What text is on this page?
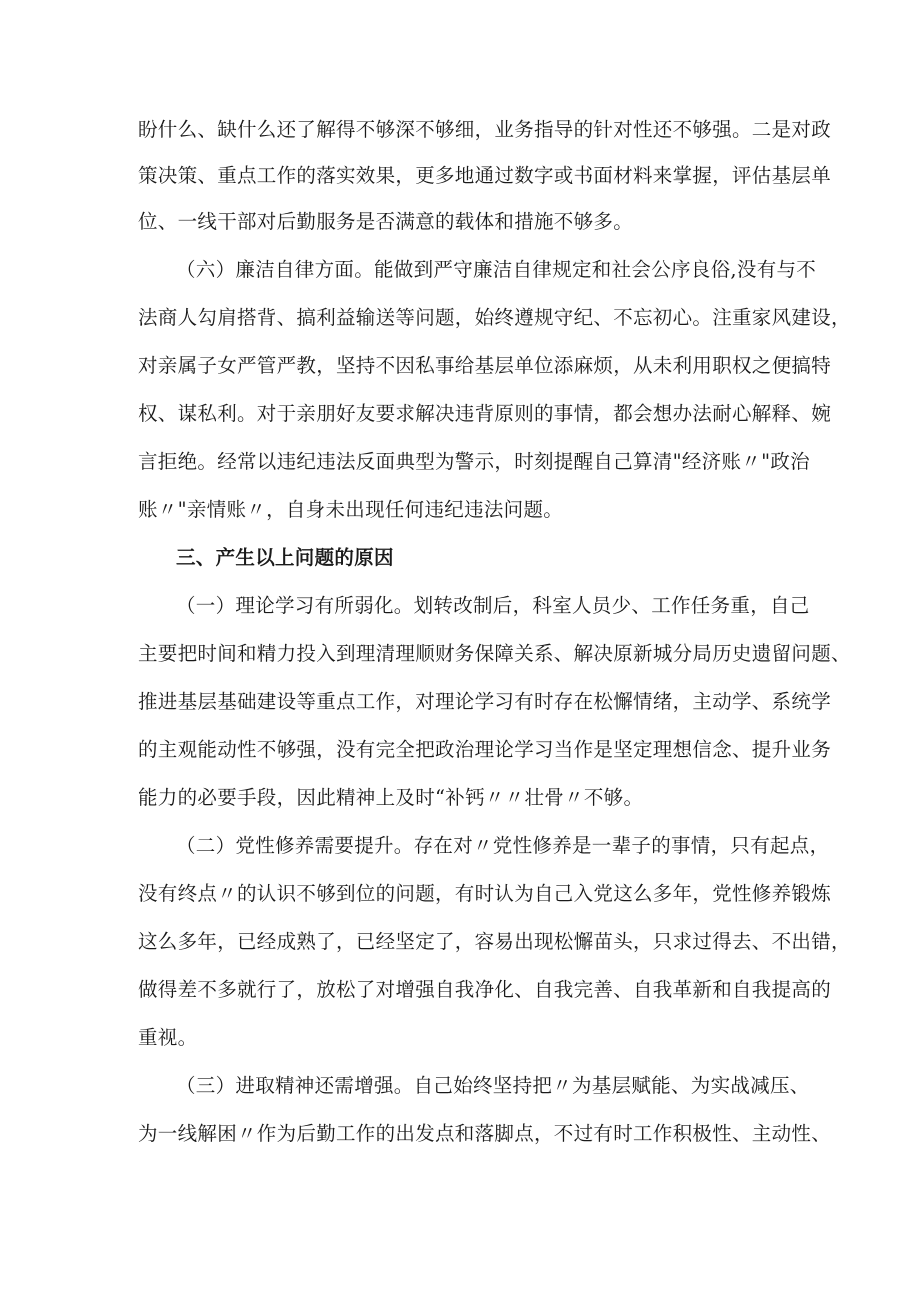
盼什么、缺什么还了解得不够深不够细，业务指导的针对性还不够强。二是对政
策决策、重点工作的落实效果，更多地通过数字或书面材料来掌握，评估基层单
位、一线干部对后勤服务是否满意的载体和措施不够多。
（六）廉洁自律方面。能做到严守廉洁自律规定和社会公序良俗,没有与不
法商人勾肩搭背、搞利益输送等问题，始终遵规守纪、不忘初心。注重家风建设，
对亲属子女严管严教，坚持不因私事给基层单位添麻烦，从未利用职权之便搞特
权、谋私利。对于亲朋好友要求解决违背原则的事情，都会想办法耐心解释、婉
言拒绝。经常以违纪违法反面典型为警示，时刻提醒自己算清"经济账〃"政治
账〃"亲情账〃，自身未出现任何违纪违法问题。
三、产生以上问题的原因
（一）理论学习有所弱化。划转改制后，科室人员少、工作任务重，自己
主要把时间和精力投入到理清理顺财务保障关系、解决原新城分局历史遗留问题、
推进基层基础建设等重点工作，对理论学习有时存在松懈情绪，主动学、系统学
的主观能动性不够强，没有完全把政治理论学习当作是坚定理想信念、提升业务
能力的必要手段，因此精神上及时“补钙〃〃壮骨〃不够。
（二）党性修养需要提升。存在对〃党性修养是一辈子的事情，只有起点，
没有终点〃的认识不够到位的问题，有时认为自己入党这么多年，党性修养锻炼
这么多年，已经成熟了，已经坚定了，容易出现松懈苗头，只求过得去、不出错，
做得差不多就行了，放松了对增强自我净化、自我完善、自我革新和自我提高的
重视。
（三）进取精神还需增强。自己始终坚持把〃为基层赋能、为实战减压、
为一线解困〃作为后勤工作的出发点和落脚点，不过有时工作积极性、主动性、
